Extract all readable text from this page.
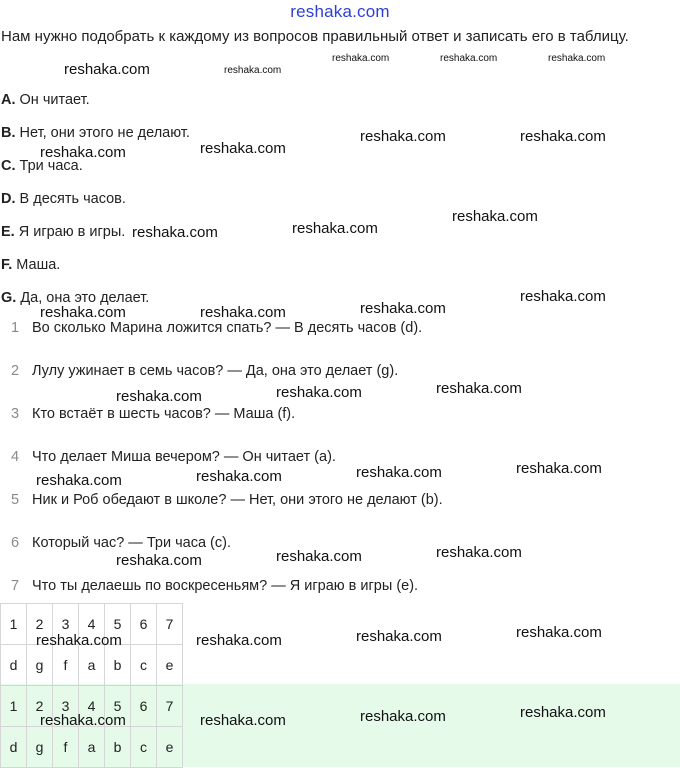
reshaka.com
Нам нужно подобрать к каждому из вопросов правильный ответ и записать его в таблицу.
A. Он читает.
B. Нет, они этого не делают.
C. Три часа.
D. В десять часов.
E. Я играю в игры.
F. Маша.
G. Да, она это делает.
1 Во сколько Марина ложится спать? — В десять часов (d).
2 Лулу ужинает в семь часов? — Да, она это делает (g).
3 Кто встаёт в шесть часов? — Маша (f).
4 Что делает Миша вечером? — Он читает (a).
5 Ник и Роб обедают в школе? — Нет, они этого не делают (b).
6 Который час? — Три часа (c).
7 Что ты делаешь по воскресеньям? — Я играю в игры (e).
1	2	3	4	5	6	7
d	g	f	a	b	c	e
1	2	3	4	5	6	7
d	g	f	a	b	c	e
reshaka.com	reshaka.com
reshaka.com	reshaka.com	reshaka.com
reshaka.com	reshaka.com
reshaka.com	reshaka.com
reshaka.com
reshaka.com	reshaka.com
reshaka.com
reshaka.com
reshaka.com	reshaka.com
reshaka.com
reshaka.com
reshaka.com
reshaka.com
reshaka.com
reshaka.com
reshaka.com
reshaka.com
reshaka.com
reshaka.com
reshaka.com
reshaka.com
reshaka.com
reshaka.com
reshaka.com
reshaka.com
reshaka.com
reshaka.com
